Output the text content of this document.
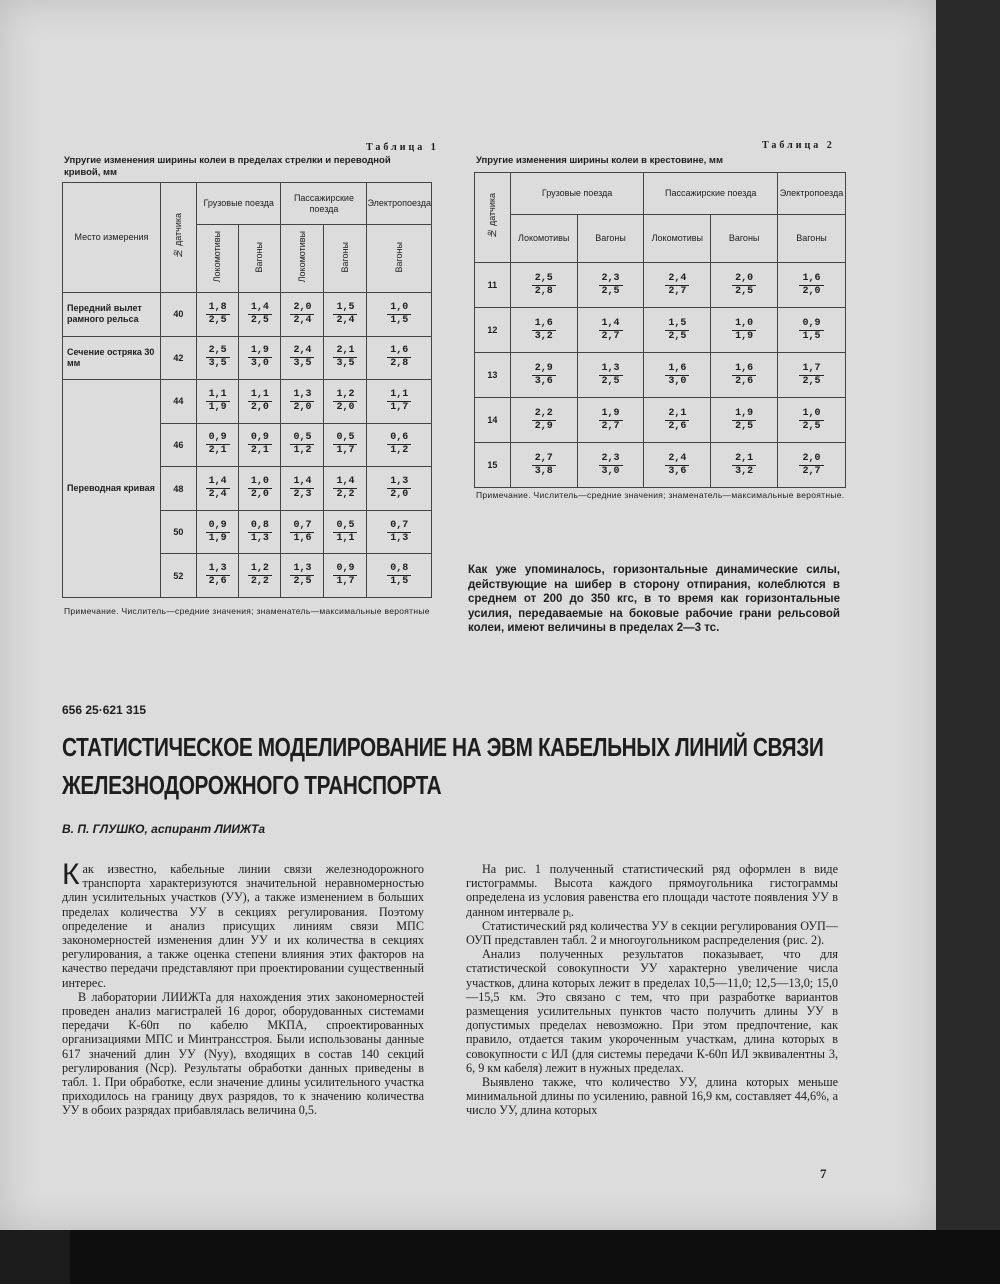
Таблица 1
Упругие изменения ширины колеи в пределах стрелки и переводной кривой, мм
Место измерения	№ датчика	Грузовые поезда		Пассажирские поезда		Электропоезда
		Локомотивы	Вагоны	Локомотивы	Вагоны	Вагоны
Передний вылет рамного рельса	40	$\frac{1,8}{2,5}$	$\frac{1,4}{2,5}$	$\frac{2,0}{2,4}$	$\frac{1,5}{2,4}$	$\frac{1,0}{1,5}$

Сечение остряка 30 мм	42	$\frac{2,5}{3,5}$	$\frac{1,9}{3,0}$	$\frac{2,4}{3,5}$	$\frac{2,1}{3,5}$	$\frac{1,6}{2,8}$

Переводная кривая	44	$\frac{1,1}{1,9}$	$\frac{1,1}{2,0}$	$\frac{1,3}{2,0}$	$\frac{1,2}{2,0}$	$\frac{1,1}{1,7}$

	46	$\frac{0,9}{2,1}$	$\frac{0,9}{2,1}$	$\frac{0,5}{1,2}$	$\frac{0,5}{1,7}$	$\frac{0,6}{1,2}$

	48	$\frac{1,4}{2,4}$	$\frac{1,0}{2,0}$	$\frac{1,4}{2,3}$	$\frac{1,4}{2,2}$	$\frac{1,3}{2,0}$

	50	$\frac{0,9}{1,9}$	$\frac{0,8}{1,3}$	$\frac{0,7}{1,6}$	$\frac{0,5}{1,1}$	$\frac{0,7}{1,3}$

	52	$\frac{1,3}{2,6}$	$\frac{1,2}{2,2}$	$\frac{1,3}{2,5}$	$\frac{0,9}{1,7}$	$\frac{0,8}{1,5}$
Примечание. Числитель—средние значения; знаменатель—максимальные вероятные
Таблица 2
Упругие изменения ширины колеи в крестовине, мм
№ датчика	Грузовые поезда		Пассажирские поезда		Электропоезда
	Локомотивы	Вагоны	Локомотивы	Вагоны	Вагоны
11	$\frac{2,5}{2,8}$	$\frac{2,3}{2,5}$	$\frac{2,4}{2,7}$	$\frac{2,0}{2,5}$	$\frac{1,6}{2,0}$

12	$\frac{1,6}{3,2}$	$\frac{1,4}{2,7}$	$\frac{1,5}{2,5}$	$\frac{1,0}{1,9}$	$\frac{0,9}{1,5}$

13	$\frac{2,9}{3,6}$	$\frac{1,3}{2,5}$	$\frac{1,6}{3,0}$	$\frac{1,6}{2,6}$	$\frac{1,7}{2,5}$

14	$\frac{2,2}{2,9}$	$\frac{1,9}{2,7}$	$\frac{2,1}{2,6}$	$\frac{1,9}{2,5}$	$\frac{1,0}{2,5}$

15	$\frac{2,7}{3,8}$	$\frac{2,3}{3,0}$	$\frac{2,4}{3,6}$	$\frac{2,1}{3,2}$	$\frac{2,0}{2,7}$
Примечание. Числитель—средние значения; знаменатель—максимальные вероятные.
Как уже упоминалось, горизонтальные динамические силы, действующие на шибер в сторону отпирания, колеблются в среднем от 200 до 350 кгс, в то время как горизонтальные усилия, передаваемые на боковые рабочие грани рельсовой колеи, имеют величины в пределах 2—3 тс.
656 25·621 315
СТАТИСТИЧЕСКОЕ МОДЕЛИРОВАНИЕ НА ЭВМ КАБЕЛЬНЫХ ЛИНИЙ СВЯЗИ ЖЕЛЕЗНОДОРОЖНОГО ТРАНСПОРТА
В. П. ГЛУШКО, аспирант ЛИИЖТа

Как известно, кабельные линии связи железнодорожного транспорта характеризуются значительной неравномерностью длин усилительных участков (УУ), а также изменением в больших пределах количества УУ в секциях регулирования. Поэтому определение и анализ присущих линиям связи МПС закономерностей изменения длин УУ и их количества в секциях регулирования, а также оценка степени влияния этих факторов на качество передачи представляют при проектировании существенный интерес.

В лаборатории ЛИИЖТа для нахождения этих закономерностей проведен анализ магистралей 16 дорог, оборудованных системами передачи К-60п по кабелю МКПА, спроектированных организациями МПС и Минтрансстроя. Были использованы данные 617 значений длин УУ (Nуу), входящих в состав 140 секций регулирования (Nср). Результаты обработки данных приведены в табл. 1. При обработке, если значение длины усилительного участка приходилось на границу двух разрядов, то к значению количества УУ в обоих разрядах прибавлялась величина 0,5.

На рис. 1 полученный статистический ряд оформлен в виде гистограммы. Высота каждого прямоугольника гистограммы определена из условия равенства его площади частоте появления УУ в данном интервале pᵢ.

Статистический ряд количества УУ в секции регулирования ОУП—ОУП представлен табл. 2 и многоугольником распределения (рис. 2).

Анализ полученных результатов показывает, что для статистической совокупности УУ характерно увеличение числа участков, длина которых лежит в пределах 10,5—11,0; 12,5—13,0; 15,0—15,5 км. Это связано с тем, что при разработке вариантов размещения усилительных пунктов часто получить длины УУ в допустимых пределах невозможно. При этом предпочтение, как правило, отдается таким укороченным участкам, длина которых в совокупности с ИЛ (для системы передачи К-60п ИЛ эквивалентны 3, 6, 9 км кабеля) лежит в нужных пределах.

Выявлено также, что количество УУ, длина которых меньше минимальной длины по усилению, равной 16,9 км, составляет 44,6%, а число УУ, длина которых

7
